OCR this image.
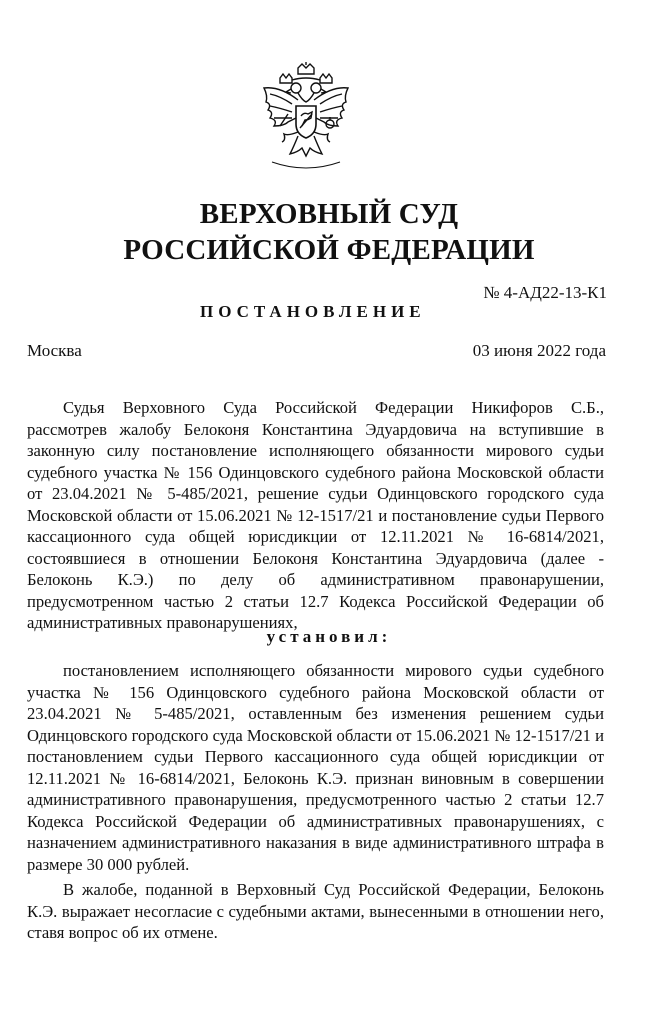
ВЕРХОВНЫЙ СУД
РОССИЙСКОЙ ФЕДЕРАЦИИ
№ 4-АД22-13-К1
ПОСТАНОВЛЕНИЕ
Москва	03 июня 2022 года

Судья Верховного Суда Российской Федерации Никифоров С.Б., рассмотрев жалобу Белоконя Константина Эдуардовича на вступившие в законную силу постановление исполняющего обязанности мирового судьи судебного участка № 156 Одинцовского судебного района Московской области от 23.04.2021 № 5-485/2021, решение судьи Одинцовского городского суда Московской области от 15.06.2021 № 12-1517/21 и постановление судьи Первого кассационного суда общей юрисдикции от 12.11.2021 № 16-6814/2021, состоявшиеся в отношении Белоконя Константина Эдуардовича (далее - Белоконь К.Э.) по делу об административном правонарушении, предусмотренном частью 2 статьи 12.7 Кодекса Российской Федерации об административных правонарушениях,

установил:

постановлением исполняющего обязанности мирового судьи судебного участка № 156 Одинцовского судебного района Московской области от 23.04.2021 № 5-485/2021, оставленным без изменения решением судьи Одинцовского городского суда Московской области от 15.06.2021 № 12-1517/21 и постановлением судьи Первого кассационного суда общей юрисдикции от 12.11.2021 № 16-6814/2021, Белоконь К.Э. признан виновным в совершении административного правонарушения, предусмотренного частью 2 статьи 12.7 Кодекса Российской Федерации об административных правонарушениях, с назначением административного наказания в виде административного штрафа в размере 30 000 рублей.

В жалобе, поданной в Верховный Суд Российской Федерации, Белоконь К.Э. выражает несогласие с судебными актами, вынесенными в отношении него, ставя вопрос об их отмене.
